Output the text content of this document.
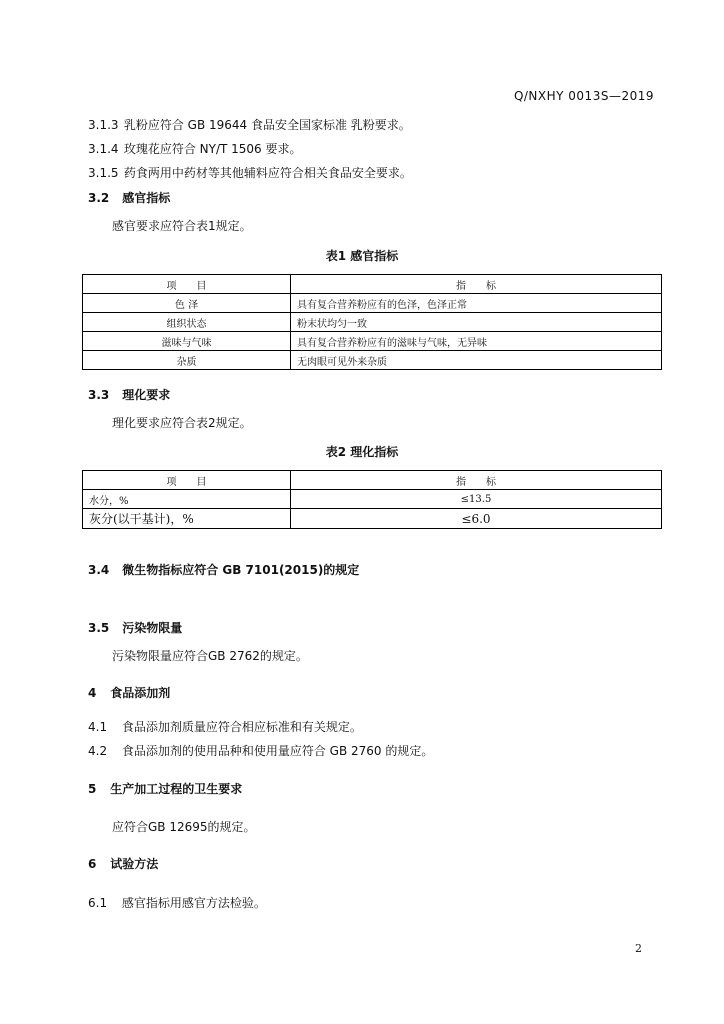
Q/NXHY 0013S—2019
3.1.3 乳粉应符合 GB 19644 食品安全国家标准 乳粉要求。
3.1.4 玫瑰花应符合 NY/T 1506 要求。
3.1.5 药食两用中药材等其他辅料应符合相关食品安全要求。
3.2 感官指标
感官要求应符合表1规定。
表1 感官指标
项　　目	指　　标
色 泽	具有复合营养粉应有的色泽，色泽正常
组织状态	粉末状均匀一致
滋味与气味	具有复合营养粉应有的滋味与气味，无异味
杂质	无肉眼可见外来杂质
3.3 理化要求
理化要求应符合表2规定。
表2 理化指标
项　　目	指　　标
水分，%	≤13.5
灰分(以干基计)，%	≤6.0
3.4 微生物指标应符合 GB 7101(2015)的规定
3.5 污染物限量
污染物限量应符合GB 2762的规定。
4 食品添加剂
4.1 食品添加剂质量应符合相应标准和有关规定。
4.2 食品添加剂的使用品种和使用量应符合 GB 2760 的规定。
5 生产加工过程的卫生要求
应符合GB 12695的规定。
6 试验方法
6.1 感官指标用感官方法检验。
2
